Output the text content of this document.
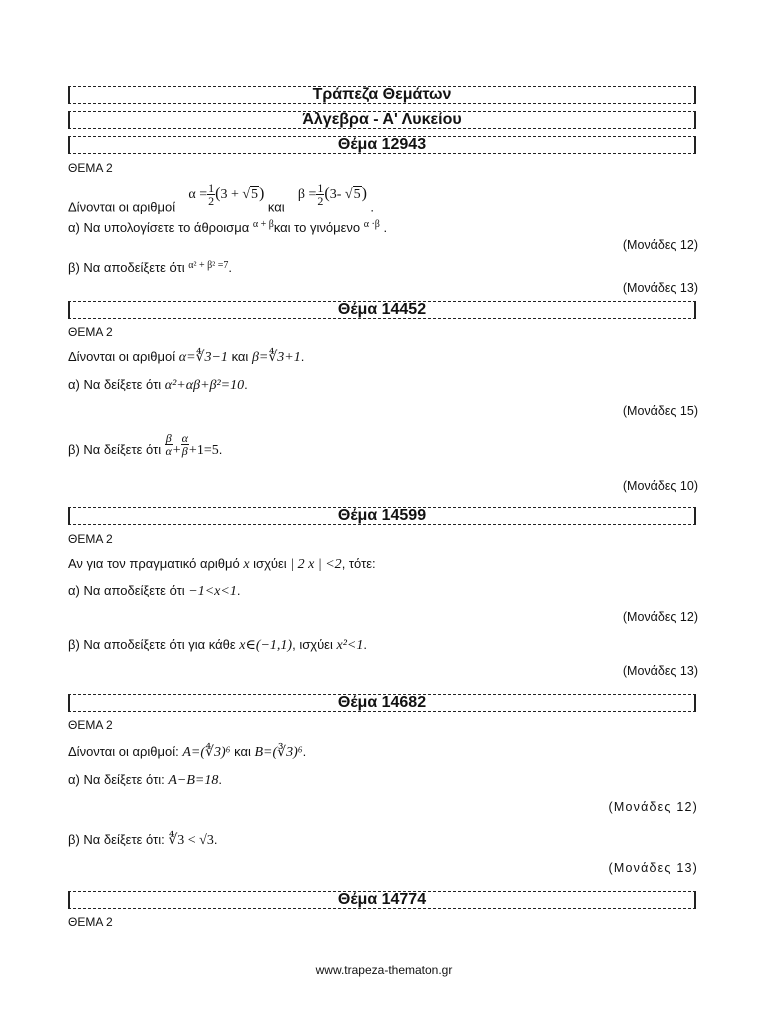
Τράπεζα Θεμάτων
Άλγεβρα - Α' Λυκείου
Θέμα 12943
ΘΕΜΑ 2
Δίνονται οι αριθμοί  $\alpha = \frac{1}{2} (3 + √5)$ και  $\beta = \frac{1}{2} (3-$ √5) .
α) Να υπολογίσετε το άθροισμα $^{\alpha + \beta}$και το γινόμενο $^{\alpha \cdot\beta}$ .
(Μονάδες 12)
β) Να αποδείξετε ότι $^{\alpha^2 + \beta^2 =7}$.
(Μονάδες 13)
Θέμα 14452
ΘΕΜΑ 2
Δίνονται οι αριθμοί α=∜3−1 και β=∜3+1.
α) Να δείξετε ότι α²+αβ+β²=10.
(Μονάδες 15)
β) Να δείξετε ότι $\frac{\beta}{\alpha} + \frac{\alpha}{\beta} +1=5$.
(Μονάδες 10)
Θέμα 14599
ΘΕΜΑ 2
Αν για τον πραγματικό αριθμό x ισχύει | 2 x | <2, τότε:
α) Να αποδείξετε ότι −1<x<1.
(Μονάδες 12)
β) Να αποδείξετε ότι για κάθε x∈(−1,1), ισχύει x²<1.
(Μονάδες 13)
Θέμα 14682
ΘΕΜΑ 2
Δίνονται οι αριθμοί: A=(∜3)⁶ και B=(∛3)⁶.
α) Να δείξετε ότι: A−B=18.
(Μονάδες 12)
β) Να δείξετε ότι: ∜3 < √3.
(Μονάδες 13)
Θέμα 14774
ΘΕΜΑ 2
www.trapeza-thematon.gr
